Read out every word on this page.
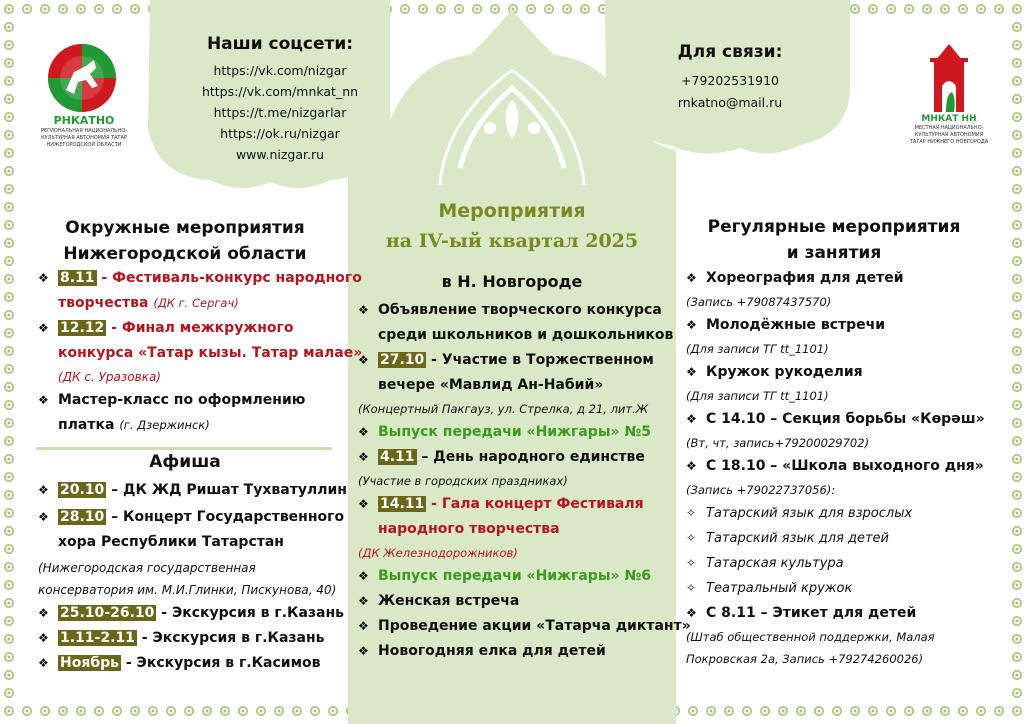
РНКАТНО
РЕГИОНАЛЬНАЯ НАЦИОНАЛЬНО-КУЛЬТУРНАЯ АВТОНОМИЯ ТАТАР НИЖЕГОРОДСКОЙ ОБЛАСТИ
МНКАТ НН
МЕСТНАЯ НАЦИОНАЛЬНО-КУЛЬТУРНАЯ АВТОНОМИЯ ТАТАР НИЖНЕГО НОВГОРОДА
Наши соцсети:
https://vk.com/nizgar
https://vk.com/mnkat_nn
https://t.me/nizgarlar
https://ok.ru/nizgar
www.nizgar.ru
Для связи:
+79202531910
rnkatno@mail.ru
Мероприятия
на IV-ый квартал 2025
Окружные мероприятия
Нижегородской области
❖ 8.11 - Фестиваль-конкурс народного
творчества (ДК г. Сергач)
❖ 12.12 - Финал межкружного
конкурса «Татар кызы. Татар малае»
(ДК с. Уразовка)
❖ Мастер-класс по оформлению
платка (г. Дзержинск)
Афиша
❖ 20.10 – ДК ЖД Ришат Тухватуллин
❖ 28.10 – Концерт Государственного
хора Республики Татарстан
(Нижегородская государственная
консерватория им. М.И.Глинки, Пискунова, 40)
❖ 25.10-26.10 - Экскурсия в г.Казань
❖ 1.11-2.11 - Экскурсия в г.Казань
❖ Ноябрь - Экскурсия в г.Касимов
в Н. Новгороде
❖ Объявление творческого конкурса
среди школьников и дошкольников
❖ 27.10 - Участие в Торжественном
вечере «Мавлид Ан-Набий»
(Концертный Пакгауз, ул. Стрелка, д 21, лит.Ж
❖ Выпуск передачи «Нижгары» №5
❖ 4.11 – День народного единстве
(Участие в городских праздниках)
❖ 14.11 - Гала концерт Фестиваля
народного творчества
(ДК Железнодорожников)
❖ Выпуск передачи «Нижгары» №6
❖ Женская встреча
❖ Проведение акции «Татарча диктант»
❖ Новогодняя елка для детей
Регулярные мероприятия
и занятия
❖ Хореография для детей
(Запись +79087437570)
❖ Молодёжные встречи
(Для записи ТГ tt_1101)
❖ Кружок рукоделия
(Для записи ТГ tt_1101)
❖ С 14.10 – Секция борьбы «Көрәш»
(Вт, чт, запись+79200029702)
❖ С 18.10 – «Школа выходного дня»
(Запись +79022737056):
✧ Татарский язык для взрослых
✧ Татарский язык для детей
✧ Татарская культура
✧ Театральный кружок
❖ С 8.11 – Этикет для детей
(Штаб общественной поддержки, Малая
Покровская 2а, Запись +79274260026)
